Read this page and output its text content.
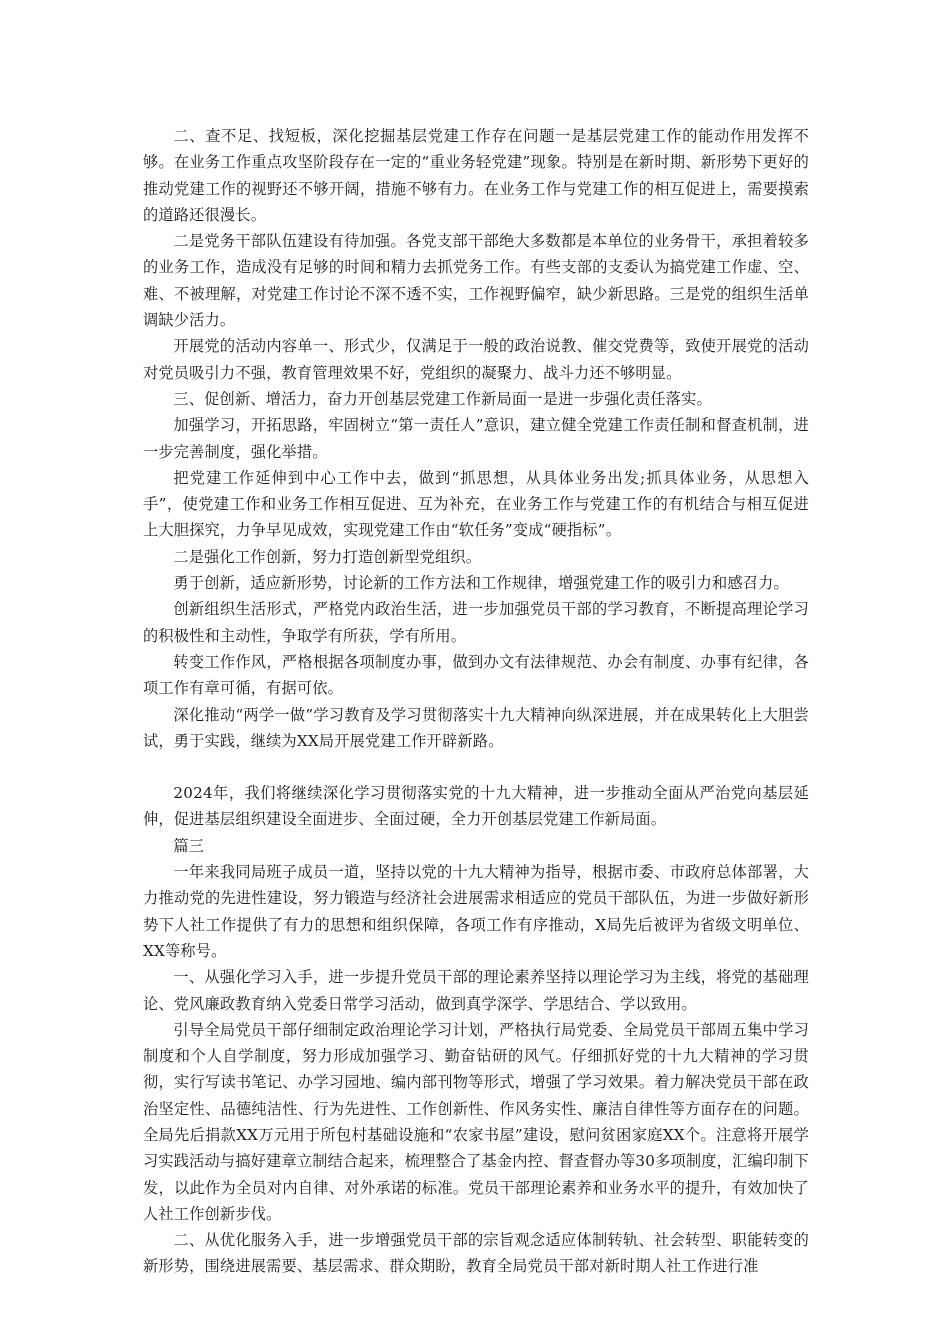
二、查不足、找短板，深化挖掘基层党建工作存在问题一是基层党建工作的能动作用发挥不够。在业务工作重点攻坚阶段存在一定的“重业务轻党建”现象。特别是在新时期、新形势下更好的推动党建工作的视野还不够开阔，措施不够有力。在业务工作与党建工作的相互促进上，需要摸索的道路还很漫长。

二是党务干部队伍建设有待加强。各党支部干部绝大多数都是本单位的业务骨干，承担着较多的业务工作，造成没有足够的时间和精力去抓党务工作。有些支部的支委认为搞党建工作虚、空、难、不被理解，对党建工作讨论不深不透不实，工作视野偏窄，缺少新思路。三是党的组织生活单调缺少活力。

开展党的活动内容单一、形式少，仅满足于一般的政治说教、催交党费等，致使开展党的活动对党员吸引力不强，教育管理效果不好，党组织的凝聚力、战斗力还不够明显。

三、促创新、增活力，奋力开创基层党建工作新局面一是进一步强化责任落实。

加强学习，开拓思路，牢固树立“第一责任人”意识，建立健全党建工作责任制和督查机制，进一步完善制度，强化举措。

把党建工作延伸到中心工作中去，做到“抓思想，从具体业务出发;抓具体业务，从思想入手”，使党建工作和业务工作相互促进、互为补充，在业务工作与党建工作的有机结合与相互促进上大胆探究，力争早见成效，实现党建工作由“软任务”变成“硬指标”。

二是强化工作创新，努力打造创新型党组织。

勇于创新，适应新形势，讨论新的工作方法和工作规律，增强党建工作的吸引力和感召力。

创新组织生活形式，严格党内政治生活，进一步加强党员干部的学习教育，不断提高理论学习的积极性和主动性，争取学有所获，学有所用。

转变工作作风，严格根据各项制度办事，做到办文有法律规范、办会有制度、办事有纪律，各项工作有章可循，有据可依。

深化推动“两学一做”学习教育及学习贯彻落实十九大精神向纵深进展，并在成果转化上大胆尝试，勇于实践，继续为XX局开展党建工作开辟新路。

2024年，我们将继续深化学习贯彻落实党的十九大精神，进一步推动全面从严治党向基层延伸，促进基层组织建设全面进步、全面过硬，全力开创基层党建工作新局面。

篇三

一年来我同局班子成员一道，坚持以党的十九大精神为指导，根据市委、市政府总体部署，大力推动党的先进性建设，努力锻造与经济社会进展需求相适应的党员干部队伍，为进一步做好新形势下人社工作提供了有力的思想和组织保障，各项工作有序推动，X局先后被评为省级文明单位、XX等称号。

一、从强化学习入手，进一步提升党员干部的理论素养坚持以理论学习为主线，将党的基础理论、党风廉政教育纳入党委日常学习活动，做到真学深学、学思结合、学以致用。

引导全局党员干部仔细制定政治理论学习计划，严格执行局党委、全局党员干部周五集中学习制度和个人自学制度，努力形成加强学习、勤奋钻研的风气。仔细抓好党的十九大精神的学习贯彻，实行写读书笔记、办学习园地、编内部刊物等形式，增强了学习效果。着力解决党员干部在政治坚定性、品德纯洁性、行为先进性、工作创新性、作风务实性、廉洁自律性等方面存在的问题。全局先后捐款XX万元用于所包村基础设施和“农家书屋”建设，慰问贫困家庭XX个。注意将开展学习实践活动与搞好建章立制结合起来，梳理整合了基金内控、督查督办等30多项制度，汇编印制下发，以此作为全员对内自律、对外承诺的标准。党员干部理论素养和业务水平的提升，有效加快了人社工作创新步伐。

二、从优化服务入手，进一步增强党员干部的宗旨观念适应体制转轨、社会转型、职能转变的新形势，围绕进展需要、基层需求、群众期盼，教育全局党员干部对新时期人社工作进行准
